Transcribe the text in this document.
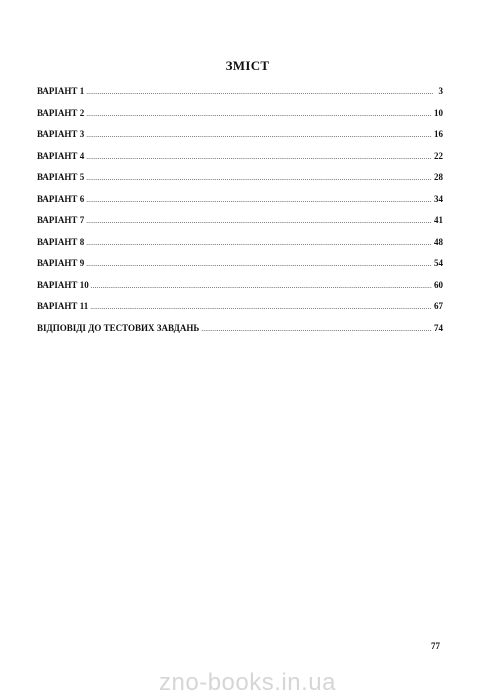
ЗМІСТ
ВАРІАНТ 1 .....	3
ВАРІАНТ 2 .....	10
ВАРІАНТ 3 .....	16
ВАРІАНТ 4 .....	22
ВАРІАНТ 5 .....	28
ВАРІАНТ 6 .....	34
ВАРІАНТ 7 .....	41
ВАРІАНТ 8 .....	48
ВАРІАНТ 9 .....	54
ВАРІАНТ 10 .....	60
ВАРІАНТ 11 .....	67
ВІДПОВІДІ ДО ТЕСТОВИХ ЗАВДАНЬ .....	74
77
zno-books.in.ua
